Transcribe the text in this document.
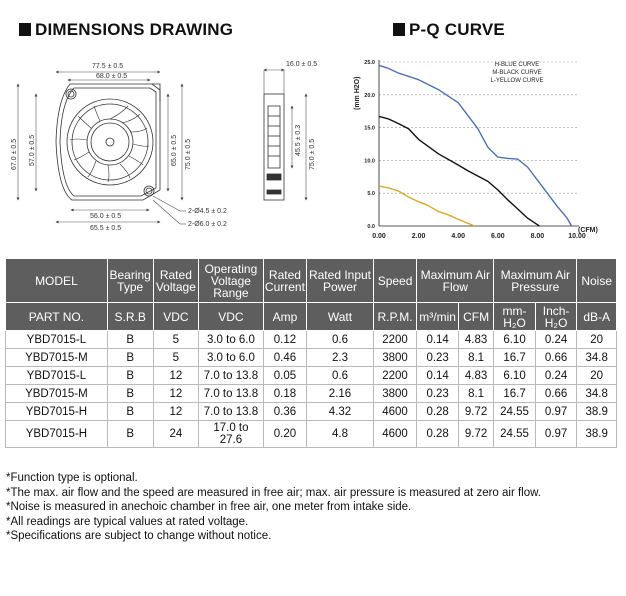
DIMENSIONS DRAWING	P-Q CURVE
77.5 ± 0.5
68.0 ± 0.5
67.0 ± 0.5 57.0 ± 0.5	65.0 ± 0.5 75.0 ± 0.5
56.0 ± 0.5
65.5 ± 0.5
2-Ø4.5 ± 0.2
2-Ø6.0 ± 0.2
16.0 ± 0.5
45.5 ± 0.3 75.0 ± 0.5
0.0
5.0
10.0
15.0
20.0
25.0
0.00	2.00	4.00	6.00	8.00	10.00
H-BLUE CURVE
M-BLACK CURVE
L-YELLOW CURVE
(CFM)
(mm H2O)
MODEL	Bearing Type	Rated Voltage	Operating Voltage Range	Rated Current	Rated Input Power	Speed	Maximum Air Flow		Maximum Air Pressure		Noise
PART NO.	S.R.B	VDC	VDC	Amp	Watt	R.P.M.	m³/min	CFM	mm-H₂O	Inch-H₂O	dB-A
YBD7015-L	B	5	3.0 to 6.0	0.12	0.6	2200	0.14	4.83	6.10	0.24	20
YBD7015-M	B	5	3.0 to 6.0	0.46	2.3	3800	0.23	8.1	16.7	0.66	34.8
YBD7015-L	B	12	7.0 to 13.8	0.05	0.6	2200	0.14	4.83	6.10	0.24	20
YBD7015-M	B	12	7.0 to 13.8	0.18	2.16	3800	0.23	8.1	16.7	0.66	34.8
YBD7015-H	B	12	7.0 to 13.8	0.36	4.32	4600	0.28	9.72	24.55	0.97	38.9
YBD7015-H	B	24	17.0 to 27.6	0.20	4.8	4600	0.28	9.72	24.55	0.97	38.9
*Function type is optional.
*The max. air flow and the speed are measured in free air; max. air pressure is measured at zero air flow.
*Noise is measured in anechoic chamber in free air, one meter from intake side.
*All readings are typical values at rated voltage.
*Specifications are subject to change without notice.
